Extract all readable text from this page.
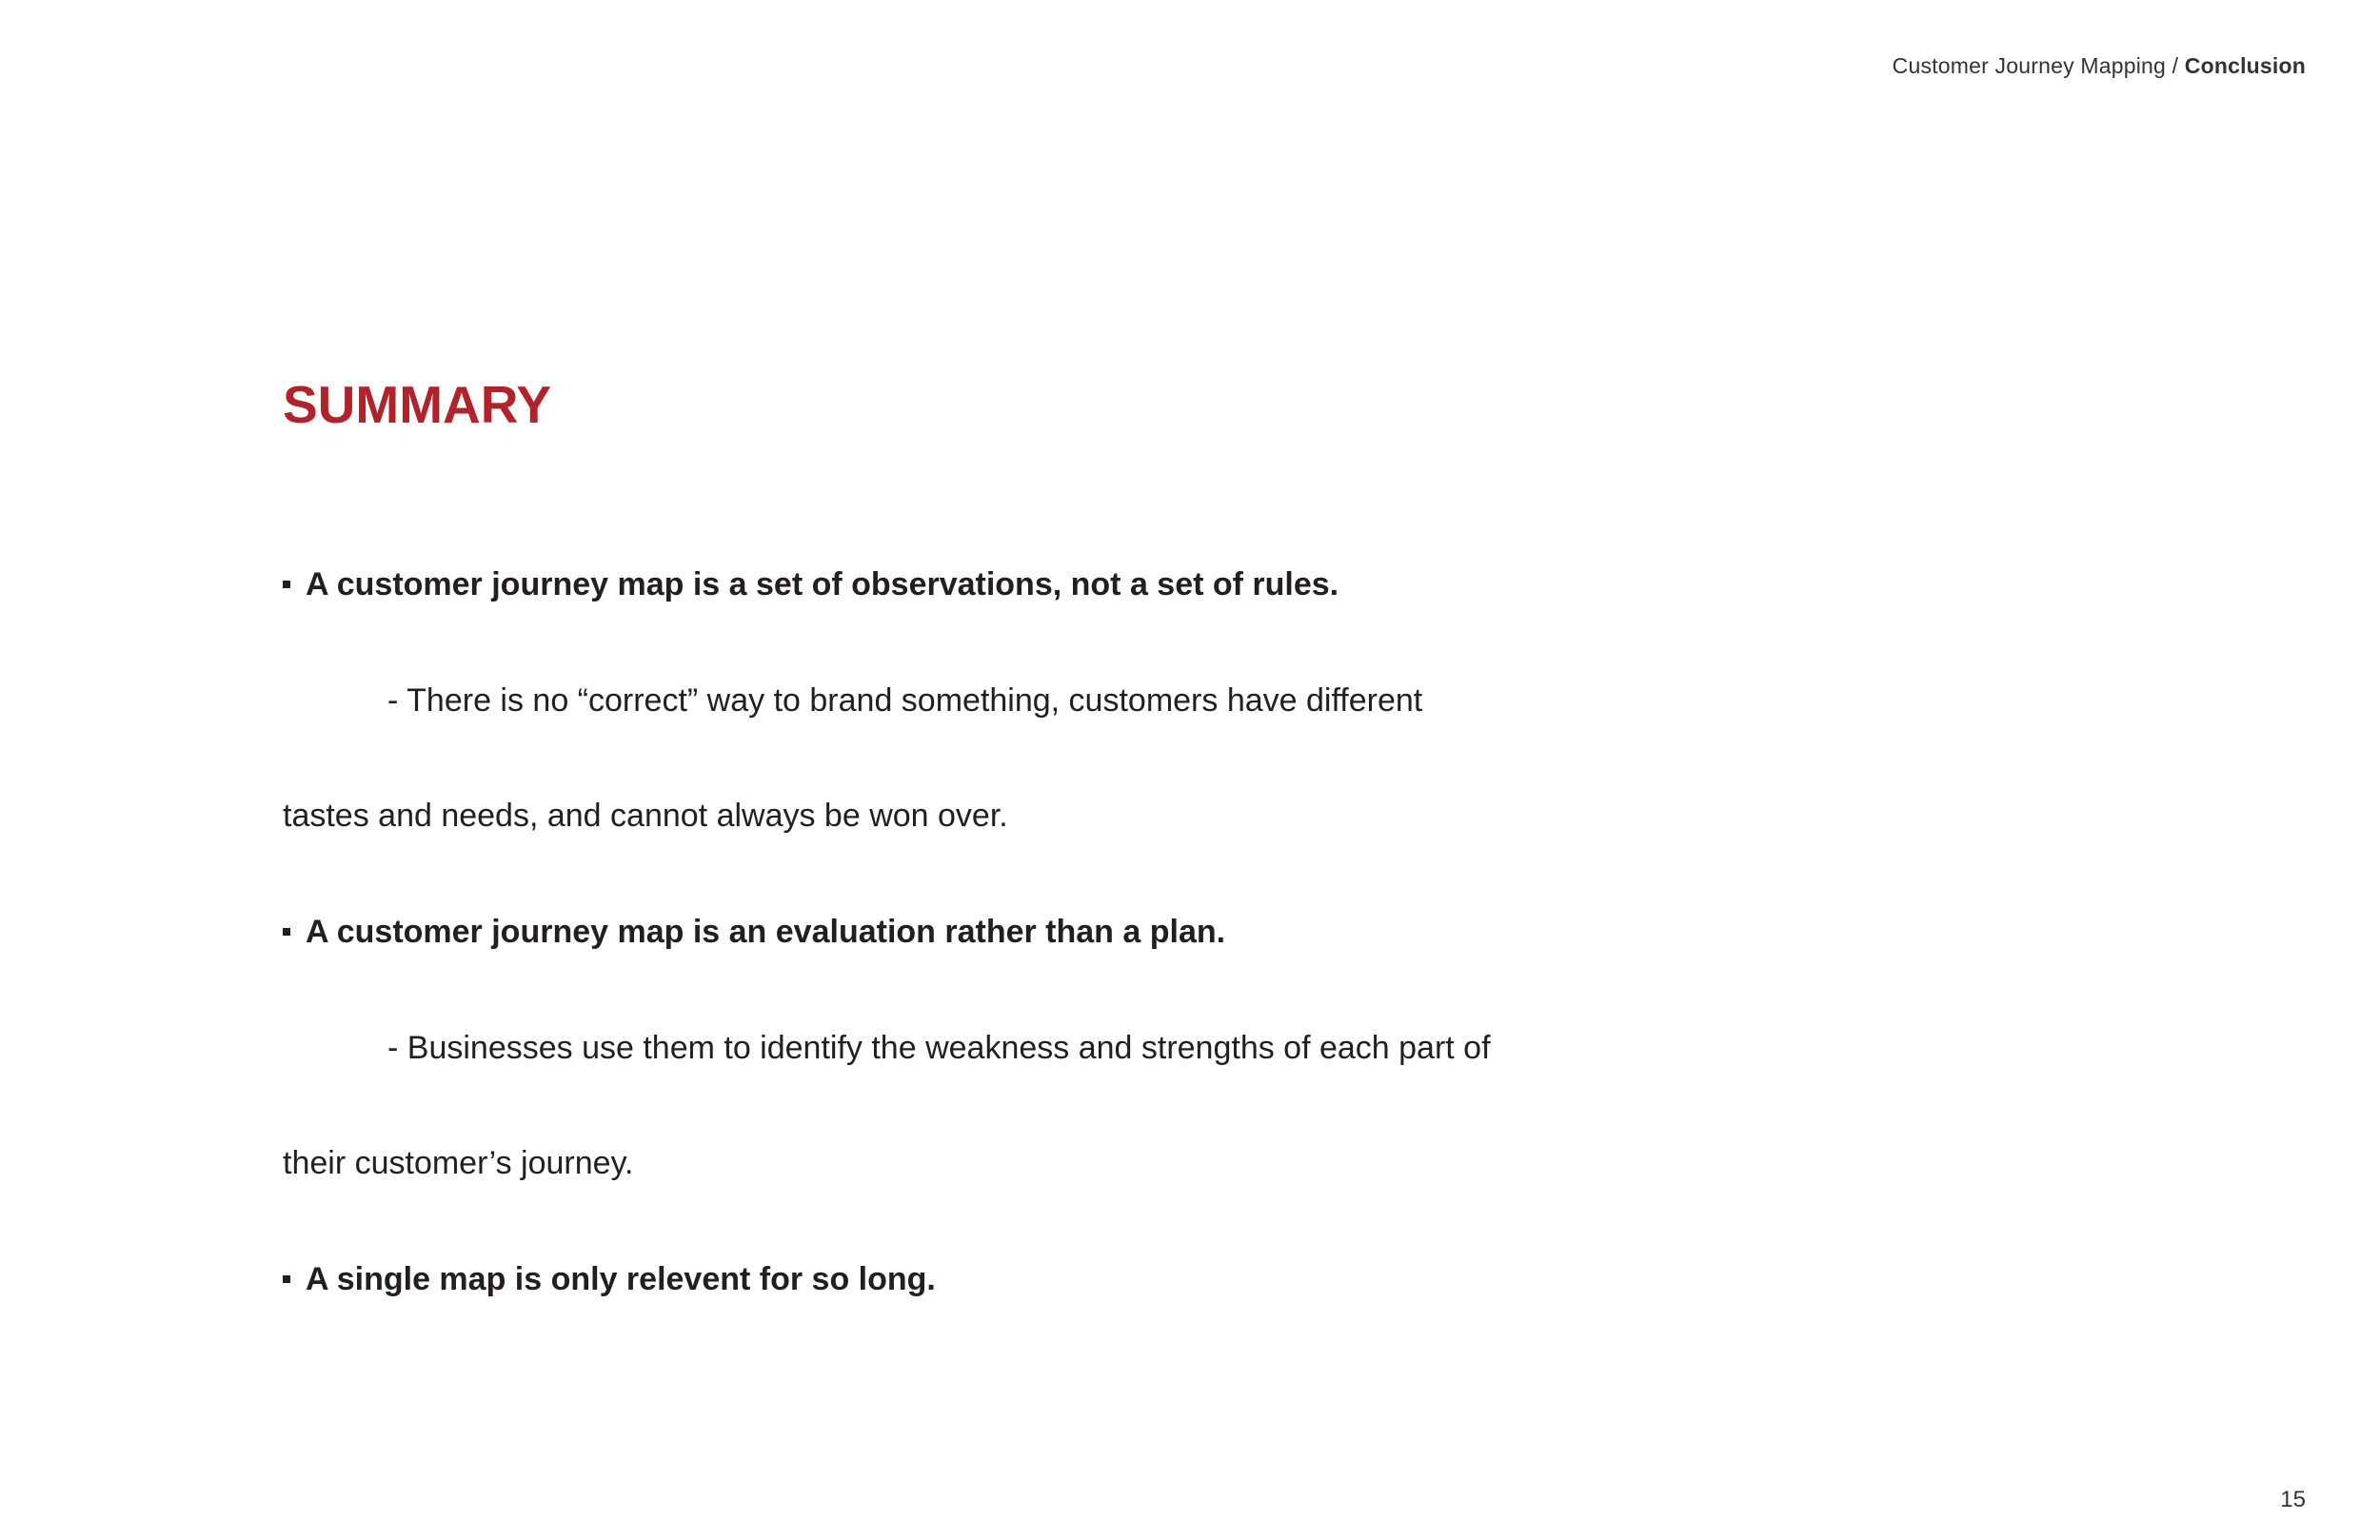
Customer Journey Mapping / Conclusion
SUMMARY
A customer journey map is a set of observations, not a set of rules.
- There is no “correct” way to brand something, customers have different
tastes and needs, and cannot always be won over.
A customer journey map is an evaluation rather than a plan.
- Businesses use them to identify the weakness and strengths of each part of
their customer’s journey.
A single map is only relevent for so long.
15
